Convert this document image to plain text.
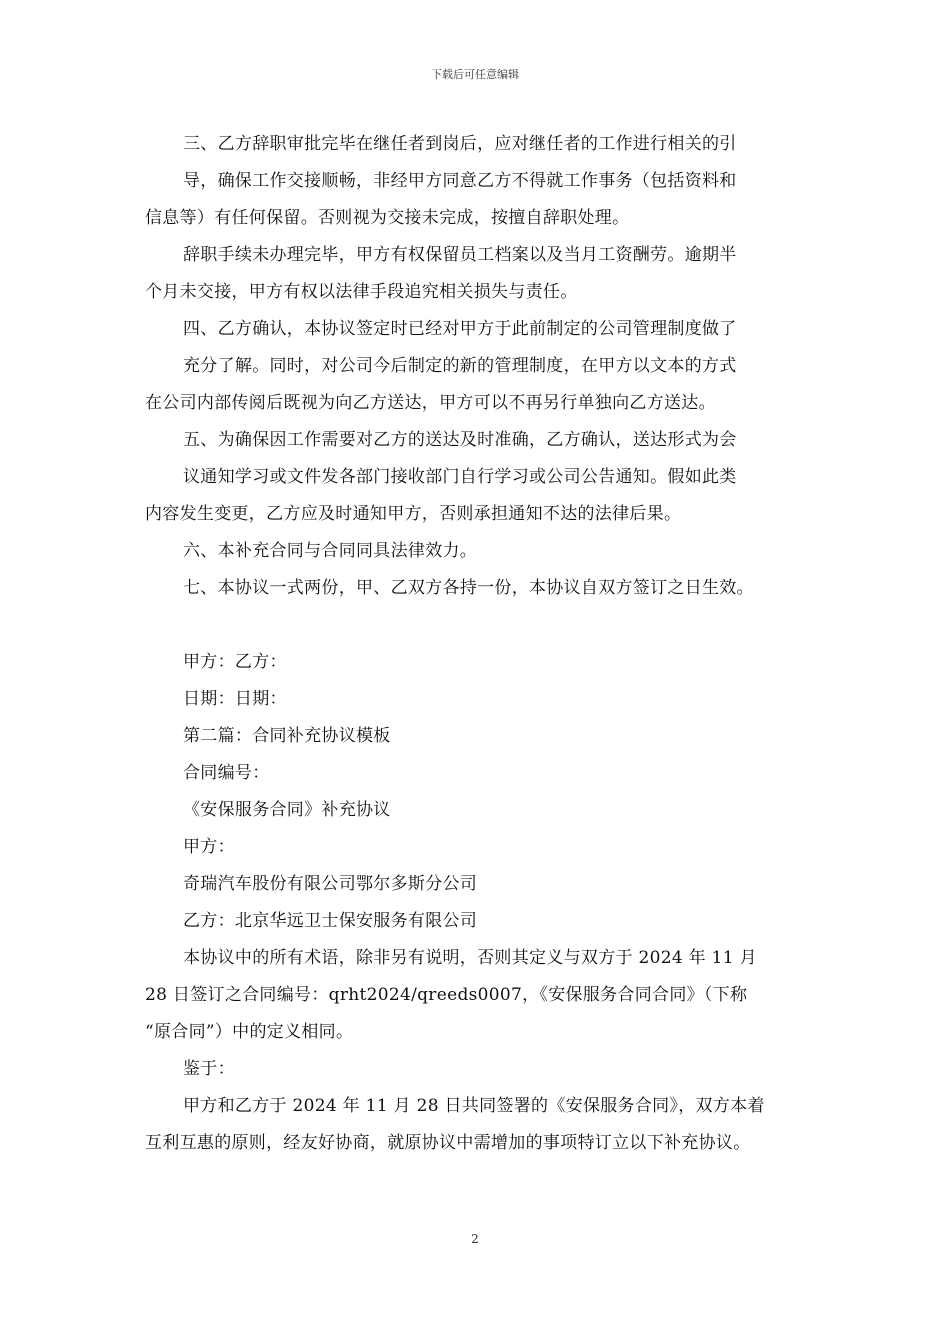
下载后可任意编辑
三、乙方辞职审批完毕在继任者到岗后，应对继任者的工作进行相关的引
导，确保工作交接顺畅，非经甲方同意乙方不得就工作事务（包括资料和
信息等）有任何保留。否则视为交接未完成，按擅自辞职处理。
辞职手续未办理完毕，甲方有权保留员工档案以及当月工资酬劳。逾期半
个月未交接，甲方有权以法律手段追究相关损失与责任。
四、乙方确认，本协议签定时已经对甲方于此前制定的公司管理制度做了
充分了解。同时，对公司今后制定的新的管理制度，在甲方以文本的方式
在公司内部传阅后既视为向乙方送达，甲方可以不再另行单独向乙方送达。
五、为确保因工作需要对乙方的送达及时准确，乙方确认，送达形式为会
议通知学习或文件发各部门接收部门自行学习或公司公告通知。假如此类
内容发生变更，乙方应及时通知甲方，否则承担通知不达的法律后果。
六、本补充合同与合同同具法律效力。
七、本协议一式两份，甲、乙双方各持一份，本协议自双方签订之日生效。
甲方：乙方：
日期：日期：
第二篇：合同补充协议模板
合同编号：
《安保服务合同》补充协议
甲方：
奇瑞汽车股份有限公司鄂尔多斯分公司
乙方：北京华远卫士保安服务有限公司
本协议中的所有术语，除非另有说明，否则其定义与双方于 2024 年 11 月
28 日签订之合同编号：qrht2024/qreeds0007，《安保服务合同合同》（下称
“原合同”）中的定义相同。
鉴于：
甲方和乙方于 2024 年 11 月 28 日共同签署的《安保服务合同》，双方本着
互利互惠的原则，经友好协商，就原协议中需增加的事项特订立以下补充协议。
2
